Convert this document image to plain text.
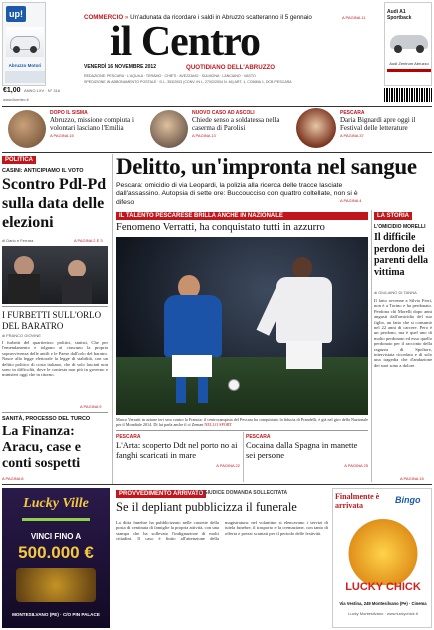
up!
Abruzzo Motori
Audi A1 Sportback
Audi Zentrum Abruzzo
COMMERCIO » Un'adunata da ricordare i saldi in Abruzzo scatteranno il 5 gennaio	A PAGINA 11
il Centro
VENERDÌ 16 NOVEMBRE 2012	QUOTIDIANO DELL'ABRUZZO
€1,00 ANNO LXV · N° 316
www.ilcentro.it
REDAZIONE: PESCARA · L'AQUILA · TERAMO · CHIETI · AVEZZANO · SULMONA · LANCIANO · VASTO
SPEDIZIONE IN ABBONAMENTO POSTALE · D.L. 353/2003 (CONV. IN L. 27/02/2004 N. 46) ART. 1, COMMA 1, DCB PESCARA
DOPO IL SISMA
Abruzzo, missione compiuta i volontari lasciano l'Emilia
A PAGINA 15
NUOVO CASO AD ASCOLI
Chiede senso a soldatessa nella caserma di Parolisi
A PAGINA 13
PESCARA
Daria Bignardi apre oggi il Festival delle letterature
A PAGINA 37
POLITICA
CASINI: ANTICIPIAMO IL VOTO
Scontro Pdl-Pd sulla data delle elezioni
di Dario e Ferrara	A PAGINA 2 E 3
I FURBETTI SULL'ORLO DEL BARATRO
di FRANCO GIOVINE
I furbetti del quartierino: politici, statisti, Che per l'emendamento e tolgono ai ciascuno la propria sopravvivenza delle antili e le Paese dall'orlo del baratro. Nasce alla legge elettorale la legge di stabilità, con un delitto politico di costa italiano, che di solo lasciati non sono in difficoltà, dove le contesta non più in governo e ministeri oggi che in ritorno.
A PAGINA 9
SANITÀ, PROCESSO DEL TURCO
La Finanza: Aracu, case e conti sospetti
A PAGINA 8
Delitto, un'impronta nel sangue
Pescara: omicidio di via Leopardi, la polizia alla ricerca delle tracce lasciate dall'assassino. Autopsia di sette ore: Buccoucciso con quattro coltellate, non si è difeso	A PAGINA 4
IL TALENTO PESCARESE BRILLA ANCHE IN NAZIONALE
Fenomeno Verratti, ha conquistato tutti in azzurro
Marco Verratti in azione ieri sera contro la Francia: il centrocampista del Pescara ha conquistato la fiducia di Prandelli, è già nel giro della Nazionale per il Mondiale 2014. Di lui parla anche il ct Zeman NELLO SPORT
PESCARA
L'Arta: scoperto Ddt nel porto no ai fanghi scaricati in mare
A PAGINA 22
PESCARA
Cocaina dalla Spagna in manette sei persone
A PAGINA 25
LA STORIA
L'OMICIDIO MORELLI
Il difficile perdono dei parenti della vittima
di GIULIANO DI TANNA
Il fatto avvenne a Silvio Ferri, non è a Torino e ha perdonato. Perdona chi Morelli dopo anni angusti dall'omicidio del suo figlio, un fatto che si consumò nel 22 anni di carcere. Pero è un perdono, ma è quel uno di molto perdonato ed esso quello perdonato per il racconto della ragazza di Spoltore, intervistata ricordata e di solo una tragedia che d'andazione dei suoi sono a dolore.
A PAGINA 15
Lucky Ville
VINCI FINO A
500.000 €
MONTESILVANO (PE) · C/O PIN PALACE
PROVVEDIMENTO ARRIVATO
IL GIUDICE DOMANDA SOLLECITATA
Se il depliant pubblicizza il funerale
La ditta funebre ha pubblicizzato nelle cassette della posta di centinaia di famiglie la propria attività, con una stampa che ha sollevato l'indignazione di molti cittadini. Il caso è finito all'attenzione della magistratura: nel volantino si elencavano i servizi di tutela funebre, il trasporto e la cremazione, con tanto di offerta e prezzi scontati per il periodo delle festività.
Finalmente è arrivata
Bingo
LUCKY CHICK
Via Vestina, 249 Montesilvano (Pe) · Cinema
Lucky Montesilvano · www.luckychick.it
